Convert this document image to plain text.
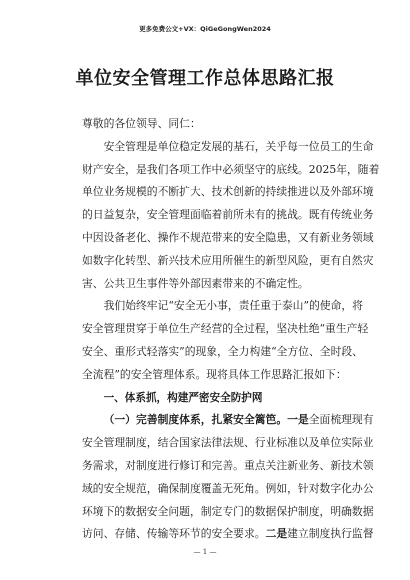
更多免费公文+VX：QiGeGongWen2024
单位安全管理工作总体思路汇报
尊敬的各位领导、同仁：
安全管理是单位稳定发展的基石，关乎每一位员工的生命
财产安全，是我们各项工作中必须坚守的底线。2025年，随着
单位业务规模的不断扩大、技术创新的持续推进以及外部环境
的日益复杂，安全管理面临着前所未有的挑战。既有传统业务
中因设备老化、操作不规范带来的安全隐患，又有新业务领域
如数字化转型、新兴技术应用所催生的新型风险，更有自然灾
害、公共卫生事件等外部因素带来的不确定性。
我们始终牢记“安全无小事，责任重于泰山”的使命，将
安全管理贯穿于单位生产经营的全过程，坚决杜绝“重生产轻
安全、重形式轻落实”的现象，全力构建“全方位、全时段、
全流程”的安全管理体系。现将具体工作思路汇报如下：
一、体系抓，构建严密安全防护网
（一）完善制度体系，扎紧安全篱笆。一是全面梳理现有
安全管理制度，结合国家法律法规、行业标准以及单位实际业
务需求，对制度进行修订和完善。重点关注新业务、新技术领
域的安全规范，确保制度覆盖无死角。例如，针对数字化办公
环境下的数据安全问题，制定专门的数据保护制度，明确数据
访问、存储、传输等环节的安全要求。二是建立制度执行监督
— 1 —
